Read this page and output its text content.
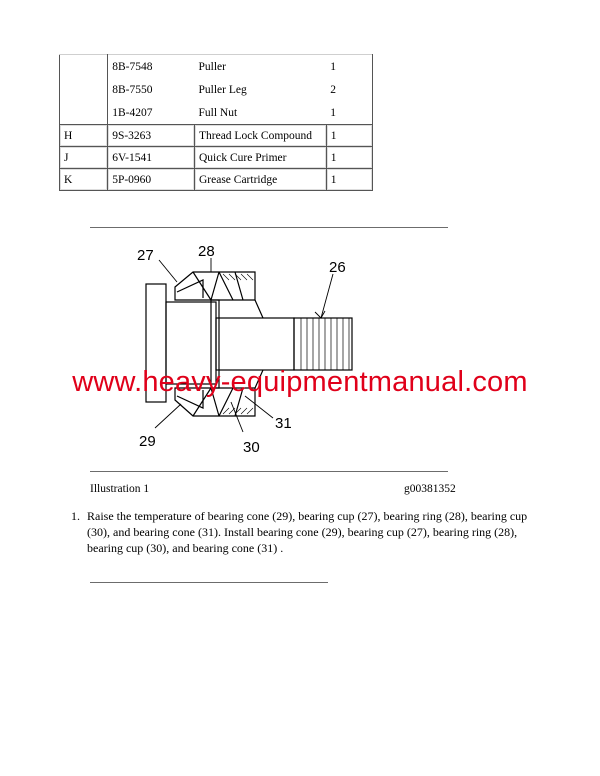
	8B-7548	Puller	1
	8B-7550	Puller Leg	2
	1B-4207	Full Nut	1
H	9S-3263	Thread Lock Compound	1
J	6V-1541	Quick Cure Primer	1
K	5P-0960	Grease Cartridge	1
27	28
26
29	30
31
www.heavy-equipmentmanual.com
Illustration 1	g00381352
1. Raise the temperature of bearing cone (29), bearing cup (27), bearing ring (28), bearing cup (30), and bearing cone (31). Install bearing cone (29), bearing cup (27), bearing ring (28), bearing cup (30), and bearing cone (31) .
